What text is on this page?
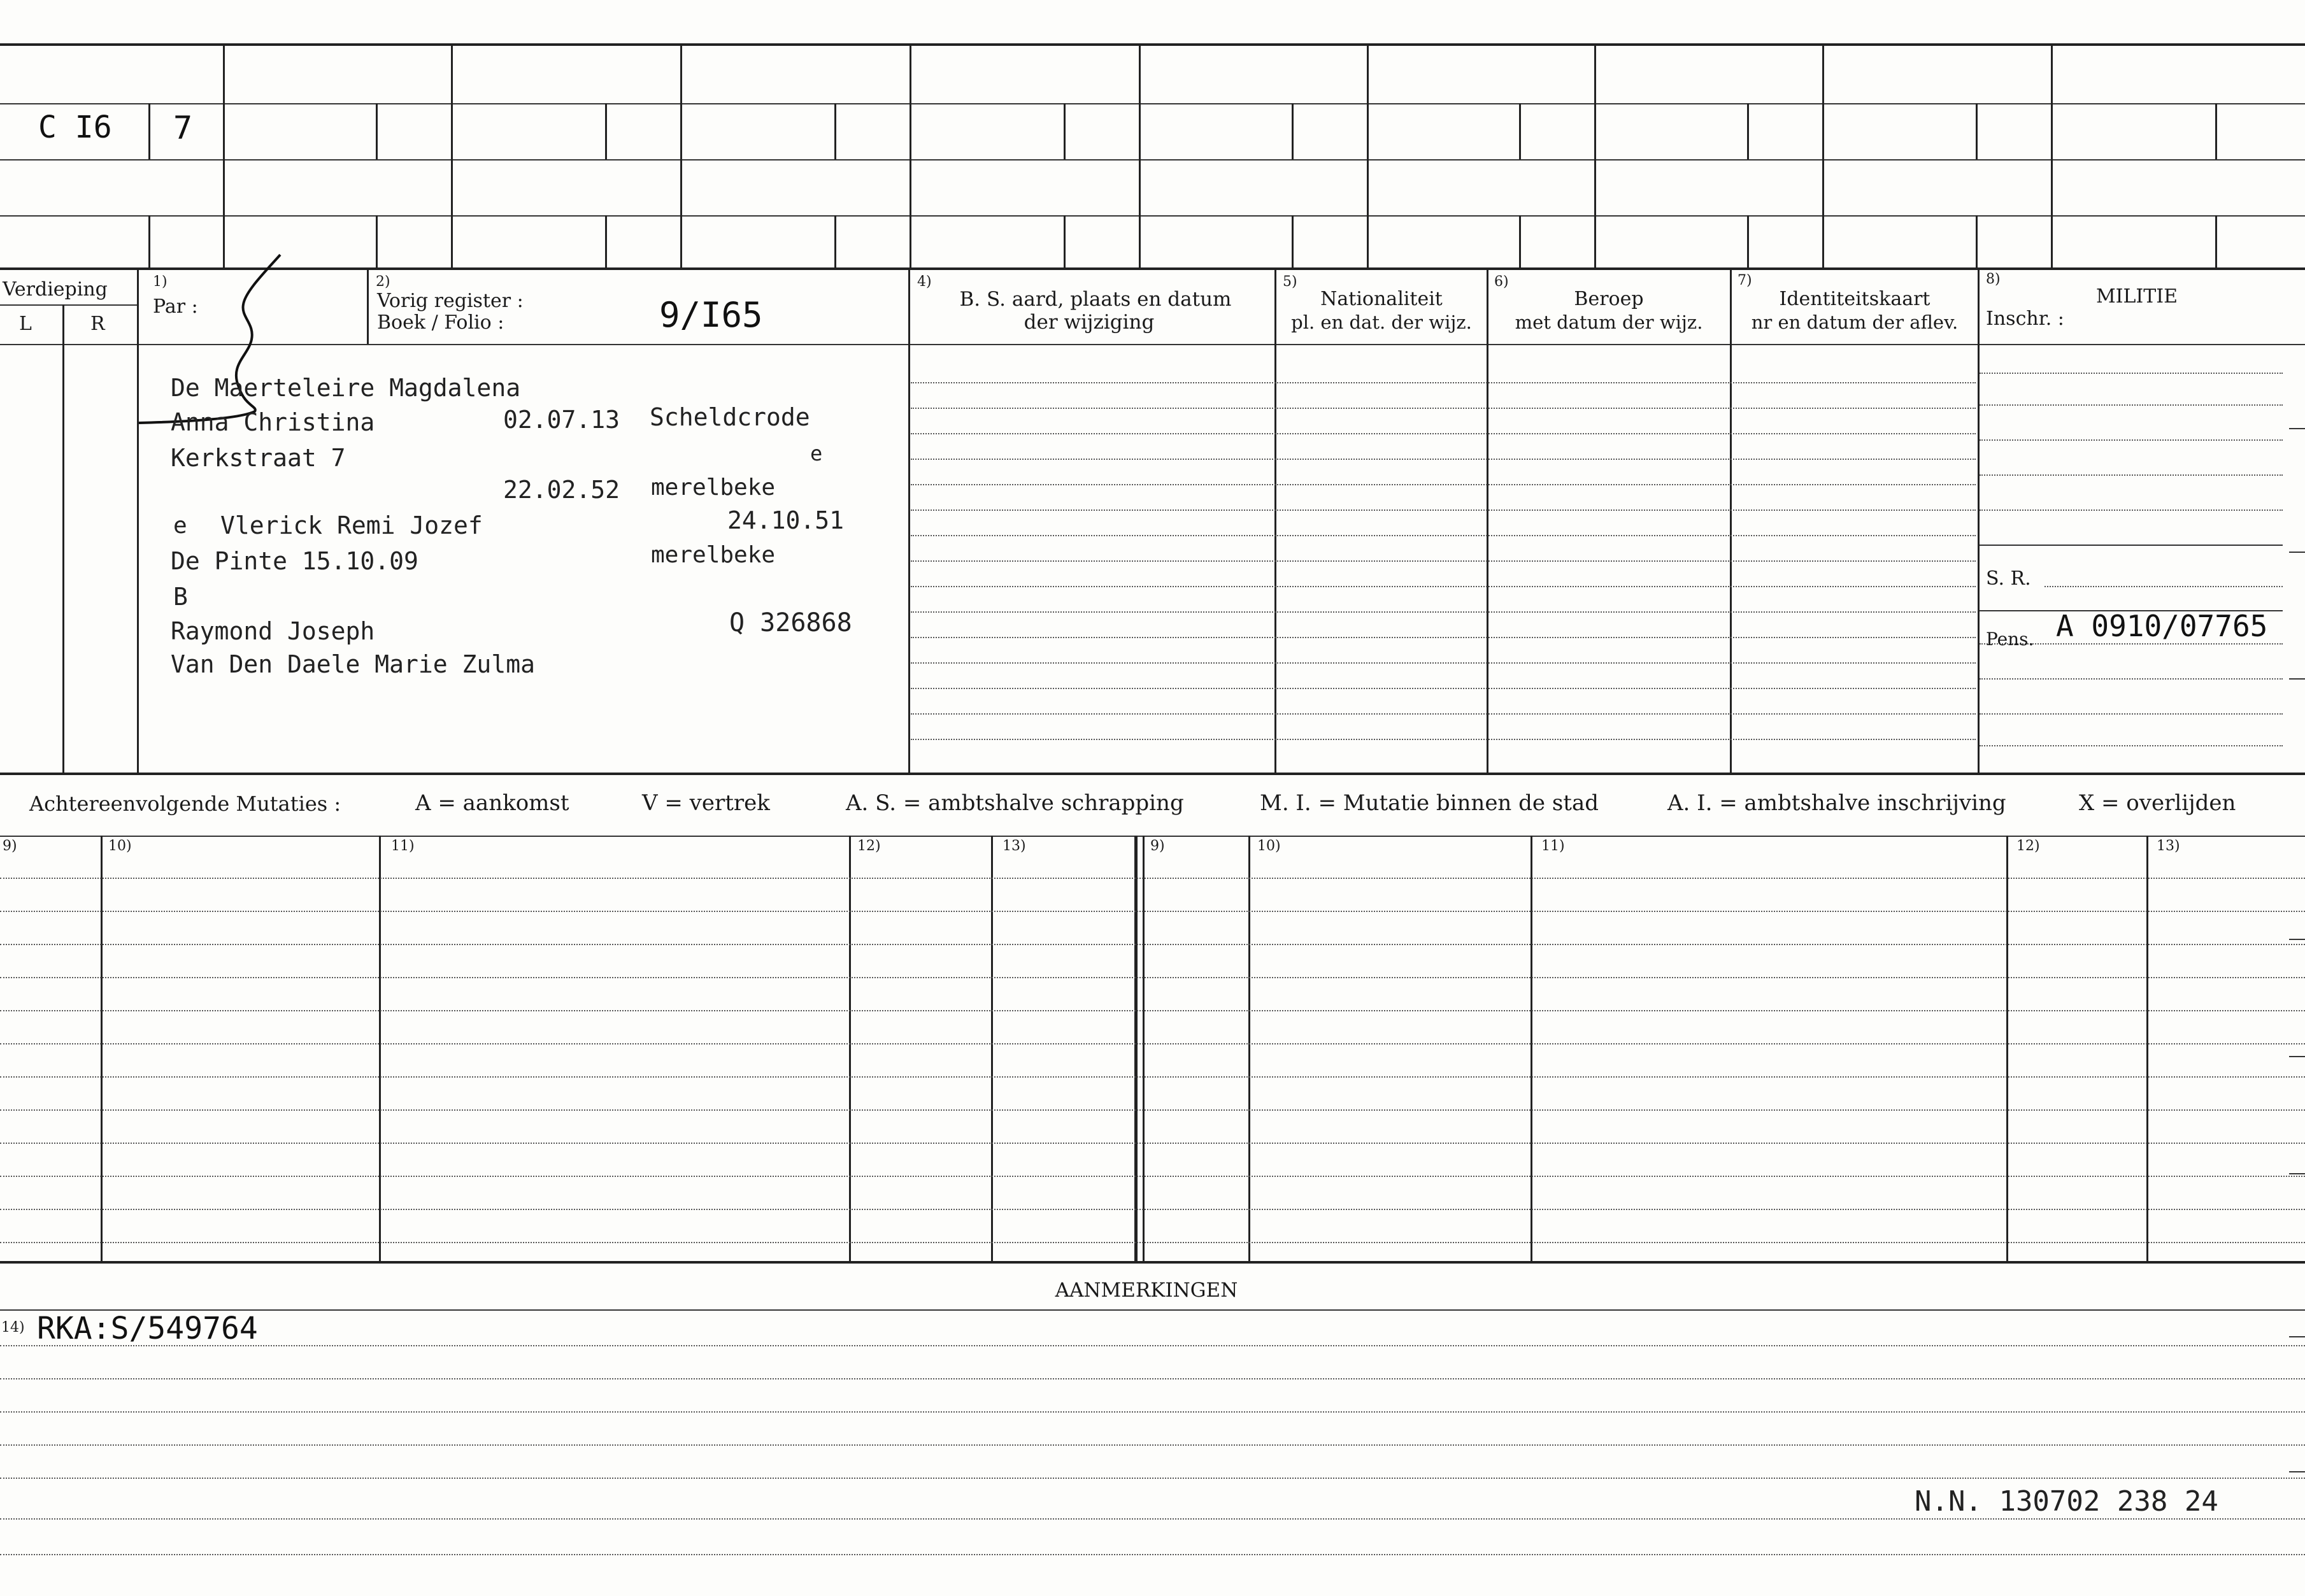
C I6 7
Verdieping
L	R
1)
Par :
2)
Vorig register :
Boek / Folio :	9/I65
4)
B. S. aard, plaats en datum
der wijziging
5)
Nationaliteit
pl. en dat. der wijz.
6)
Beroep
met datum der wijz.
7)
Identiteitskaart
nr en datum der aflev.
8)
MILITIE
Inschr. :
S. R.
Pens. A 0910/07765
De Maerteleire Magdalena
Anna Christina	02.07.13 Scheldcrode
Kerkstraat 7	e
22.02.52 merelbeke
e Vlerick Remi Jozef	24.10.51
De Pinte 15.10.09	merelbeke
B
Raymond Joseph	Q 326868
Van Den Daele Marie Zulma
Achtereenvolgende Mutaties :	A = aankomst	V = vertrek	A. S. = ambtshalve schrapping	M. I. = Mutatie binnen de stad	A. I. = ambtshalve inschrijving	X = overlijden
9)	10)	11)	12)	13)	9)	10)	11)	12)	13)
AANMERKINGEN
14) RKA:S/549764
N.N. 130702 238 24
